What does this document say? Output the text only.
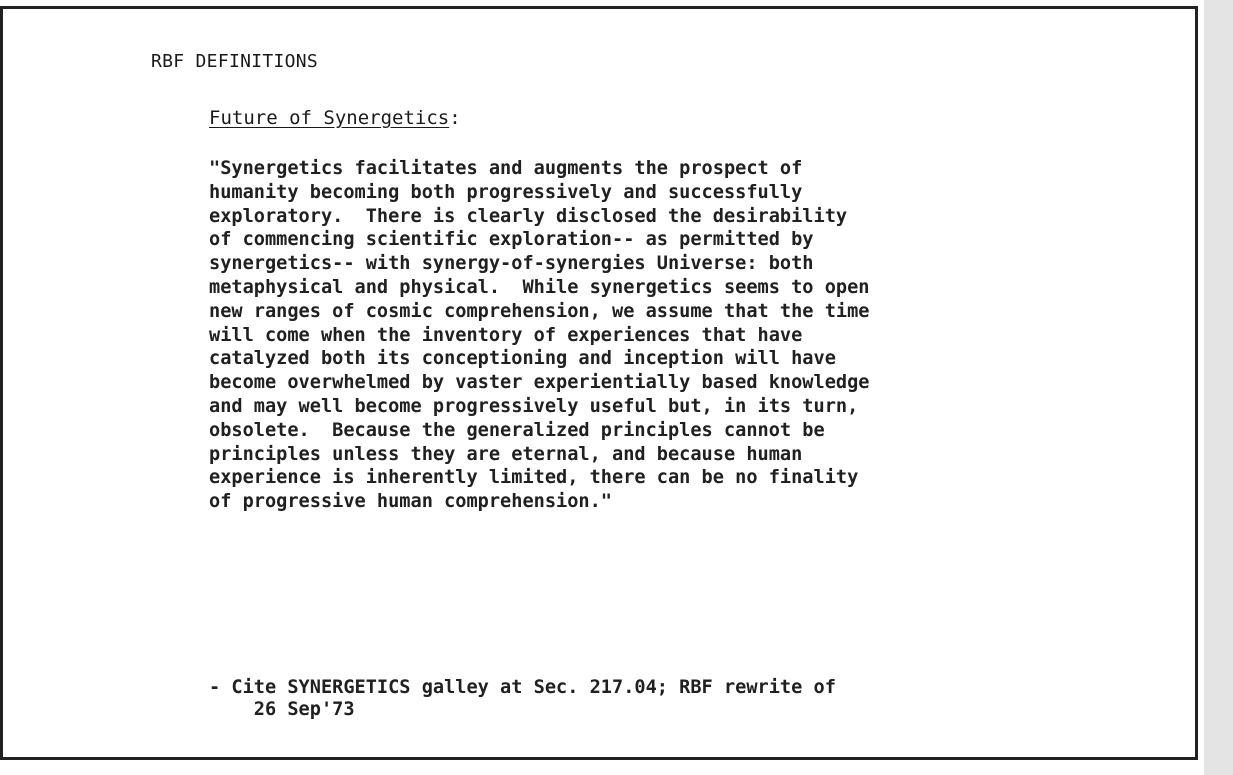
RBF DEFINITIONS
Future of Synergetics:

"Synergetics facilitates and augments the prospect of
humanity becoming both progressively and successfully
exploratory.  There is clearly disclosed the desirability
of commencing scientific exploration-- as permitted by
synergetics-- with synergy-of-synergies Universe: both
metaphysical and physical.  While synergetics seems to open
new ranges of cosmic comprehension, we assume that the time
will come when the inventory of experiences that have
catalyzed both its conceptioning and inception will have
become overwhelmed by vaster experientially based knowledge
and may well become progressively useful but, in its turn,
obsolete.  Because the generalized principles cannot be
principles unless they are eternal, and because human
experience is inherently limited, there can be no finality
of progressive human comprehension."

- Cite SYNERGETICS galley at Sec. 217.04; RBF rewrite of
26 Sep'73
